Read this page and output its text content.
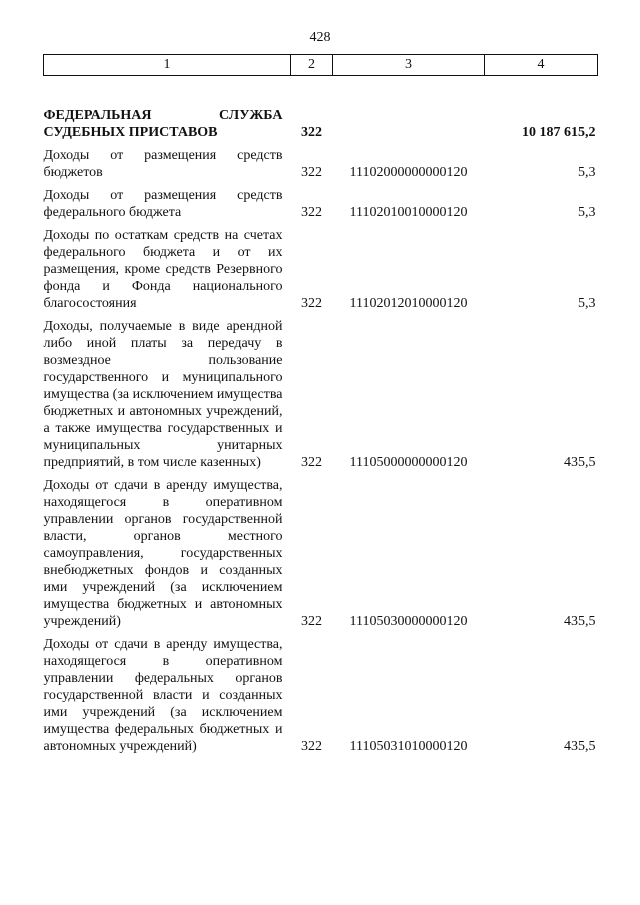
428
1	2	3	4
ФЕДЕРАЛЬНАЯ СЛУЖБА СУДЕБНЫХ ПРИСТАВОВ	322		10 187 615,2
Доходы от размещения средств бюджетов	322	11102000000000120	5,3
Доходы от размещения средств федерального бюджета	322	11102010010000120	5,3
Доходы по остаткам средств на счетах федерального бюджета и от их размещения, кроме средств Резервного фонда и Фонда национального благосостояния	322	11102012010000120	5,3
Доходы, получаемые в виде арендной либо иной платы за передачу в возмездное пользование государственного и муниципального имущества (за исключением имущества бюджетных и автономных учреждений, а также имущества государственных и муниципальных унитарных предприятий, в том числе казенных)	322	11105000000000120	435,5
Доходы от сдачи в аренду имущества, находящегося в оперативном управлении органов государственной власти, органов местного самоуправления, государственных внебюджетных фондов и созданных ими учреждений (за исключением имущества бюджетных и автономных учреждений)	322	11105030000000120	435,5
Доходы от сдачи в аренду имущества, находящегося в оперативном управлении федеральных органов государственной власти и созданных ими учреждений (за исключением имущества федеральных бюджетных и автономных учреждений)	322	11105031010000120	435,5
